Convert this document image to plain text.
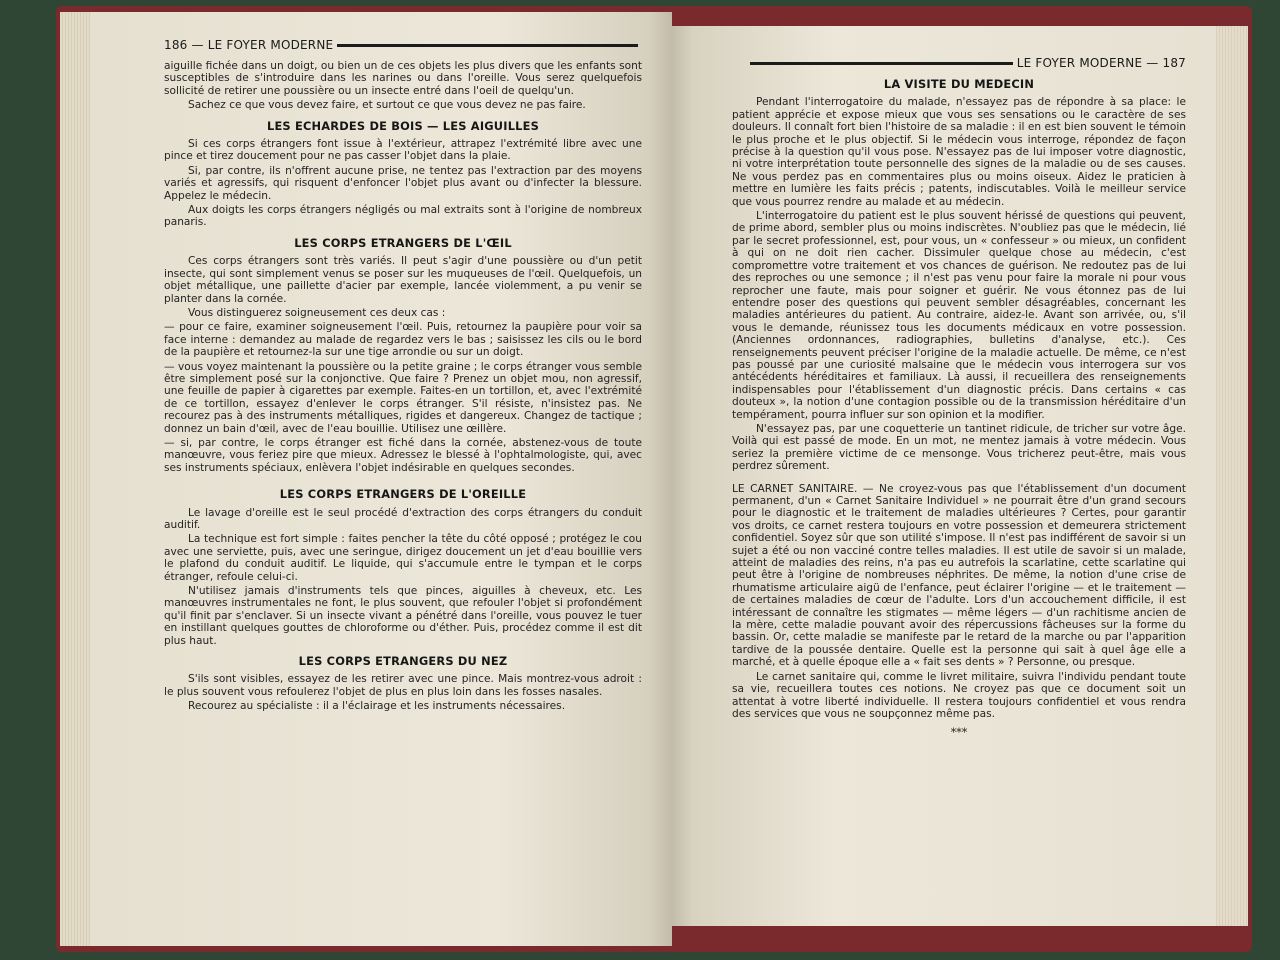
186 — LE FOYER MODERNE

aiguille fichée dans un doigt, ou bien un de ces objets les plus divers que les enfants sont susceptibles de s'introduire dans les narines ou dans l'oreille. Vous serez quelquefois sollicité de retirer une poussière ou un insecte entré dans l'oeil de quelqu'un.

Sachez ce que vous devez faire, et surtout ce que vous devez ne pas faire.

LES ECHARDES DE BOIS — LES AIGUILLES

Si ces corps étrangers font issue à l'extérieur, attrapez l'extrémité libre avec une pince et tirez doucement pour ne pas casser l'objet dans la plaie.

Si, par contre, ils n'offrent aucune prise, ne tentez pas l'extraction par des moyens variés et agressifs, qui risquent d'enfoncer l'objet plus avant ou d'infecter la blessure. Appelez le médecin.

Aux doigts les corps étrangers négligés ou mal extraits sont à l'origine de nombreux panaris.

LES CORPS ETRANGERS DE L'ŒIL

Ces corps étrangers sont très variés. Il peut s'agir d'une poussière ou d'un petit insecte, qui sont simplement venus se poser sur les muqueuses de l'œil. Quelquefois, un objet métallique, une paillette d'acier par exemple, lancée violemment, a pu venir se planter dans la cornée.

Vous distinguerez soigneusement ces deux cas :

— pour ce faire, examiner soigneusement l'œil. Puis, retournez la paupière pour voir sa face interne : demandez au malade de regardez vers le bas ; saisissez les cils ou le bord de la paupière et retournez-la sur une tige arrondie ou sur un doigt.

— vous voyez maintenant la poussière ou la petite graine ; le corps étranger vous semble être simplement posé sur la conjonctive. Que faire ? Prenez un objet mou, non agressif, une feuille de papier à cigarettes par exemple. Faites-en un tortillon, et, avec l'extrémité de ce tortillon, essayez d'enlever le corps étranger. S'il résiste, n'insistez pas. Ne recourez pas à des instruments métalliques, rigides et dangereux. Changez de tactique ; donnez un bain d'œil, avec de l'eau bouillie. Utilisez une œillère.

— si, par contre, le corps étranger est fiché dans la cornée, abstenez-vous de toute manœuvre, vous feriez pire que mieux. Adressez le blessé à l'ophtalmologiste, qui, avec ses instruments spéciaux, enlèvera l'objet indésirable en quelques secondes.

LES CORPS ETRANGERS DE L'OREILLE

Le lavage d'oreille est le seul procédé d'extraction des corps étrangers du conduit auditif.

La technique est fort simple : faites pencher la tête du côté opposé ; protégez le cou avec une serviette, puis, avec une seringue, dirigez doucement un jet d'eau bouillie vers le plafond du conduit auditif. Le liquide, qui s'accumule entre le tympan et le corps étranger, refoule celui-ci.

N'utilisez jamais d'instruments tels que pinces, aiguilles à cheveux, etc. Les manœuvres instrumentales ne font, le plus souvent, que refouler l'objet si profondément qu'il finit par s'enclaver. Si un insecte vivant a pénétré dans l'oreille, vous pouvez le tuer en instillant quelques gouttes de chloroforme ou d'éther. Puis, procédez comme il est dit plus haut.

LES CORPS ETRANGERS DU NEZ

S'ils sont visibles, essayez de les retirer avec une pince. Mais montrez-vous adroit : le plus souvent vous refoulerez l'objet de plus en plus loin dans les fosses nasales.

Recourez au spécialiste : il a l'éclairage et les instruments nécessaires.

LE FOYER MODERNE — 187
LA VISITE DU MEDECIN

Pendant l'interrogatoire du malade, n'essayez pas de répondre à sa place: le patient apprécie et expose mieux que vous ses sensations ou le caractère de ses douleurs. Il connaît fort bien l'histoire de sa maladie : il en est bien souvent le témoin le plus proche et le plus objectif. Si le médecin vous interroge, répondez de façon précise à la question qu'il vous pose. N'essayez pas de lui imposer votre diagnostic, ni votre interprétation toute personnelle des signes de la maladie ou de ses causes. Ne vous perdez pas en commentaires plus ou moins oiseux. Aidez le praticien à mettre en lumière les faits précis ; patents, indiscutables. Voilà le meilleur service que vous pourrez rendre au malade et au médecin.

L'interrogatoire du patient est le plus souvent hérissé de questions qui peuvent, de prime abord, sembler plus ou moins indiscrètes. N'oubliez pas que le médecin, lié par le secret professionnel, est, pour vous, un « confesseur » ou mieux, un confident à qui on ne doit rien cacher. Dissimuler quelque chose au médecin, c'est compromettre votre traitement et vos chances de guérison. Ne redoutez pas de lui des reproches ou une semonce ; il n'est pas venu pour faire la morale ni pour vous reprocher une faute, mais pour soigner et guérir. Ne vous étonnez pas de lui entendre poser des questions qui peuvent sembler désagréables, concernant les maladies antérieures du patient. Au contraire, aidez-le. Avant son arrivée, ou, s'il vous le demande, réunissez tous les documents médicaux en votre possession. (Anciennes ordonnances, radiographies, bulletins d'analyse, etc.). Ces renseignements peuvent préciser l'origine de la maladie actuelle. De même, ce n'est pas poussé par une curiosité malsaine que le médecin vous interrogera sur vos antécédents héréditaires et familiaux. Là aussi, il recueillera des renseignements indispensables pour l'établissement d'un diagnostic précis. Dans certains « cas douteux », la notion d'une contagion possible ou de la transmission héréditaire d'un tempérament, pourra influer sur son opinion et la modifier.

N'essayez pas, par une coquetterie un tantinet ridicule, de tricher sur votre âge. Voilà qui est passé de mode. En un mot, ne mentez jamais à votre médecin. Vous seriez la première victime de ce mensonge. Vous tricherez peut-être, mais vous perdrez sûrement.

LE CARNET SANITAIRE. — Ne croyez-vous pas que l'établissement d'un document permanent, d'un « Carnet Sanitaire Individuel » ne pourrait être d'un grand secours pour le diagnostic et le traitement de maladies ultérieures ? Certes, pour garantir vos droits, ce carnet restera toujours en votre possession et demeurera strictement confidentiel. Soyez sûr que son utilité s'impose. Il n'est pas indifférent de savoir si un sujet a été ou non vacciné contre telles maladies. Il est utile de savoir si un malade, atteint de maladies des reins, n'a pas eu autrefois la scarlatine, cette scarlatine qui peut être à l'origine de nombreuses néphrites. De même, la notion d'une crise de rhumatisme articulaire aigü de l'enfance, peut éclairer l'origine — et le traitement — de certaines maladies de cœur de l'adulte. Lors d'un accouchement difficile, il est intéressant de connaître les stigmates — même légers — d'un rachitisme ancien de la mère, cette maladie pouvant avoir des répercussions fâcheuses sur la forme du bassin. Or, cette maladie se manifeste par le retard de la marche ou par l'apparition tardive de la poussée dentaire. Quelle est la personne qui sait à quel âge elle a marché, et à quelle époque elle a « fait ses dents » ? Personne, ou presque.

Le carnet sanitaire qui, comme le livret militaire, suivra l'individu pendant toute sa vie, recueillera toutes ces notions. Ne croyez pas que ce document soit un attentat à votre liberté individuelle. Il restera toujours confidentiel et vous rendra des services que vous ne soupçonnez même pas.

***
